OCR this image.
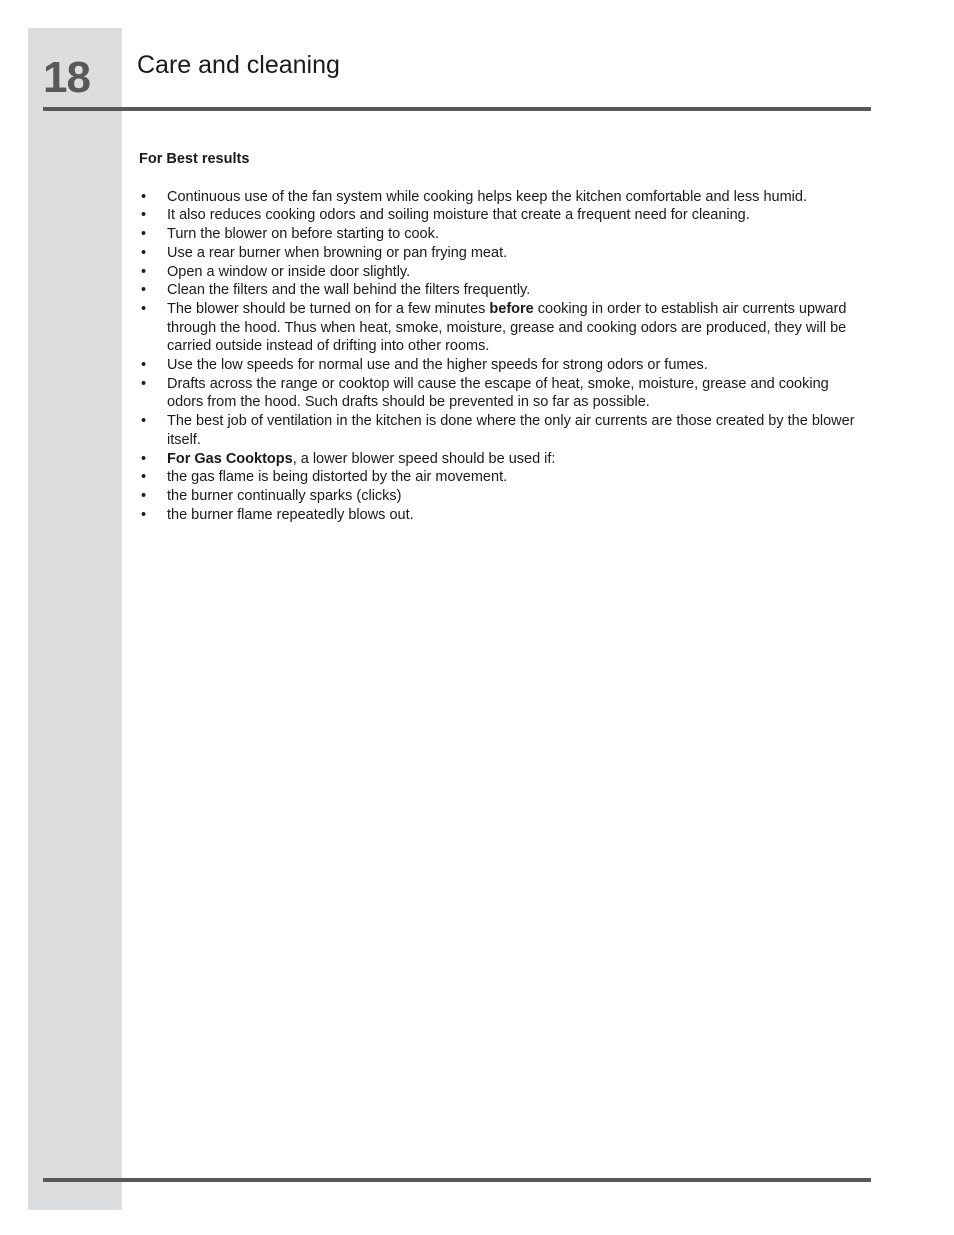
18 Care and cleaning
For Best results
• Continuous use of the fan system while cooking helps keep the kitchen comfortable and less humid.
• It also reduces cooking odors and soiling moisture that create a frequent need for cleaning.
• Turn the blower on before starting to cook.
• Use a rear burner when browning or pan frying meat.
• Open a window or inside door slightly.
• Clean the filters and the wall behind the filters frequently.
• The blower should be turned on for a few minutes before cooking in order to establish air currents upward through the hood. Thus when heat, smoke, moisture, grease and cooking odors are produced, they will be carried outside instead of drifting into other rooms.
• Use the low speeds for normal use and the higher speeds for strong odors or fumes.
• Drafts across the range or cooktop will cause the escape of heat, smoke, moisture, grease and cooking odors from the hood. Such drafts should be prevented in so far as possible.
• The best job of ventilation in the kitchen is done where the only air currents are those created by the blower itself.
• For Gas Cooktops, a lower blower speed should be used if:
• the gas flame is being distorted by the air movement.
• the burner continually sparks (clicks)
• the burner flame repeatedly blows out.
